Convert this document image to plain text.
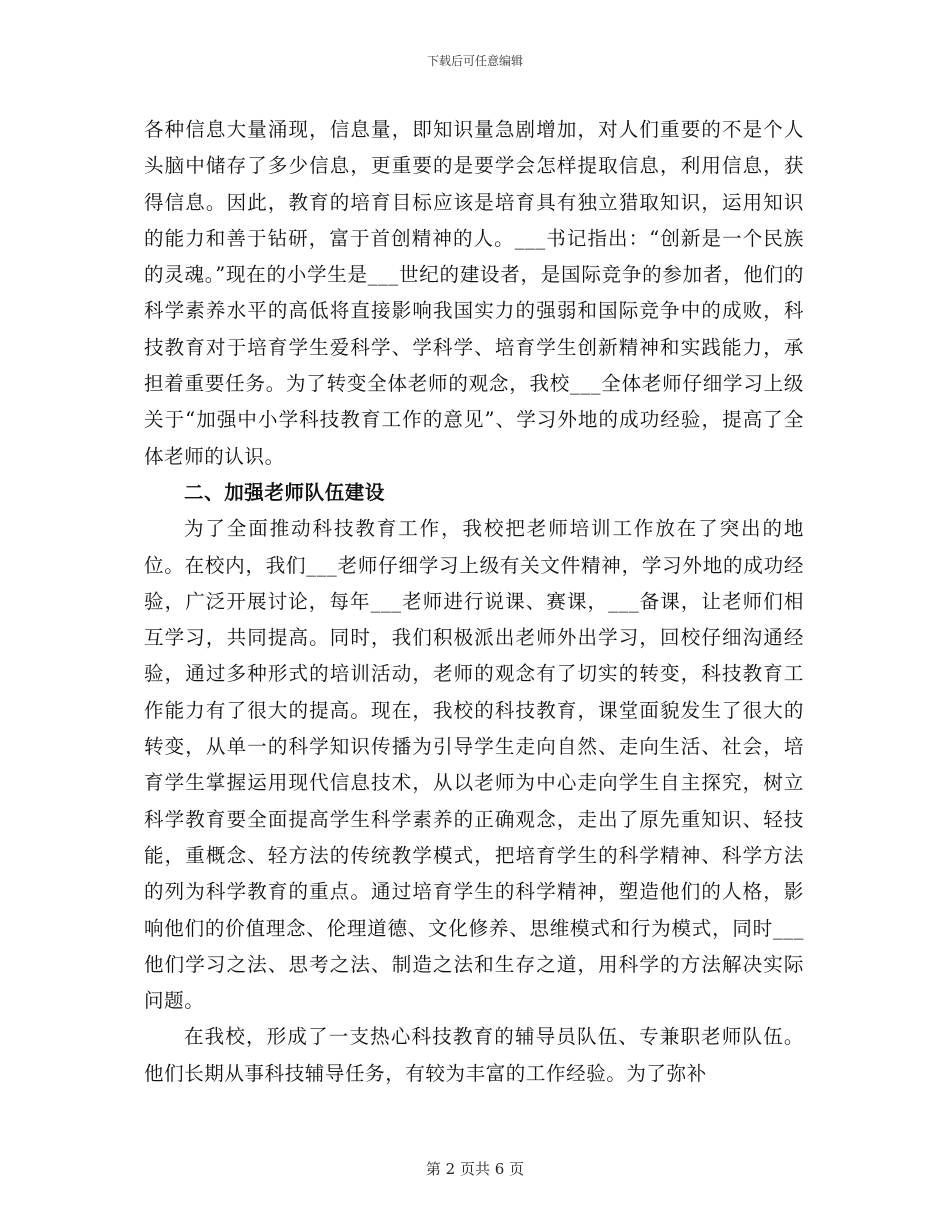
下载后可任意编辑

各种信息大量涌现，信息量，即知识量急剧增加，对人们重要的不是个人头脑中储存了多少信息，更重要的是要学会怎样提取信息，利用信息，获得信息。因此，教育的培育目标应该是培育具有独立猎取知识，运用知识的能力和善于钻研，富于首创精神的人。___书记指出：“创新是一个民族的灵魂。”现在的小学生是___世纪的建设者，是国际竞争的参加者，他们的科学素养水平的高低将直接影响我国实力的强弱和国际竞争中的成败，科技教育对于培育学生爱科学、学科学、培育学生创新精神和实践能力，承担着重要任务。为了转变全体老师的观念，我校___全体老师仔细学习上级关于“加强中小学科技教育工作的意见”、学习外地的成功经验，提高了全体老师的认识。

二、加强老师队伍建设

为了全面推动科技教育工作，我校把老师培训工作放在了突出的地位。在校内，我们___老师仔细学习上级有关文件精神，学习外地的成功经验，广泛开展讨论，每年___老师进行说课、赛课，___备课，让老师们相互学习，共同提高。同时，我们积极派出老师外出学习，回校仔细沟通经验，通过多种形式的培训活动，老师的观念有了切实的转变，科技教育工作能力有了很大的提高。现在，我校的科技教育，课堂面貌发生了很大的转变，从单一的科学知识传播为引导学生走向自然、走向生活、社会，培育学生掌握运用现代信息技术，从以老师为中心走向学生自主探究，树立科学教育要全面提高学生科学素养的正确观念，走出了原先重知识、轻技能，重概念、轻方法的传统教学模式，把培育学生的科学精神、科学方法的列为科学教育的重点。通过培育学生的科学精神，塑造他们的人格，影响他们的价值理念、伦理道德、文化修养、思维模式和行为模式，同时___他们学习之法、思考之法、制造之法和生存之道，用科学的方法解决实际问题。

在我校，形成了一支热心科技教育的辅导员队伍、专兼职老师队伍。他们长期从事科技辅导任务，有较为丰富的工作经验。为了弥补

第 2 页共 6 页
